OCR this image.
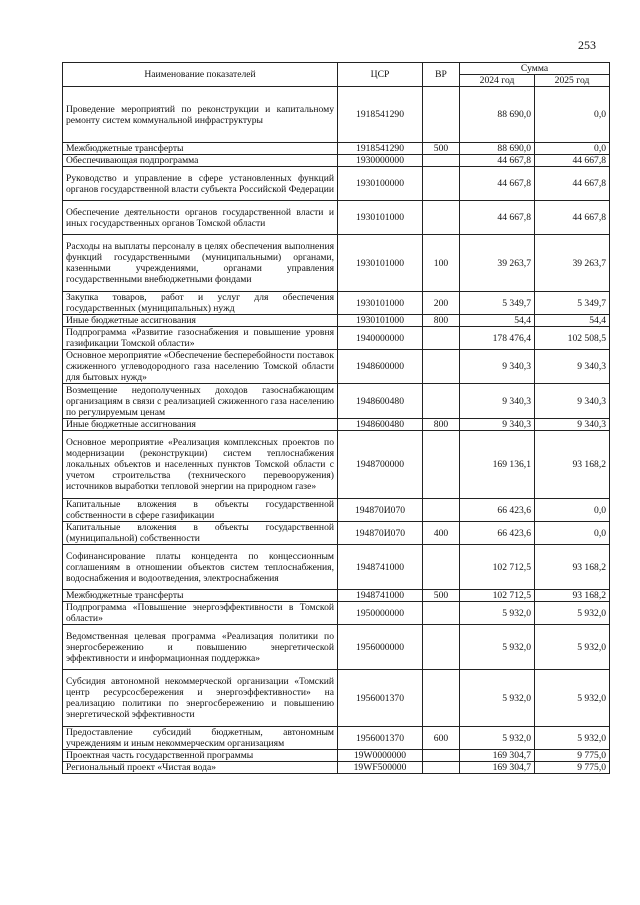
253
Наименование показателей	ЦСР	ВР	Сумма	
			2024 год	2025 год
Проведение мероприятий по реконструкции и капитальному ремонту систем коммунальной инфраструктуры	1918541290		88 690,0	0,0
Межбюджетные трансферты	1918541290	500	88 690,0	0,0
Обеспечивающая подпрограмма	1930000000		44 667,8	44 667,8
Руководство и управление в сфере установленных функций органов государственной власти субъекта Российской Федерации	1930100000		44 667,8	44 667,8
Обеспечение деятельности органов государственной власти и иных государственных органов Томской области	1930101000		44 667,8	44 667,8
Расходы на выплаты персоналу в целях обеспечения выполнения функций государственными (муниципальными) органами, казенными учреждениями, органами управления государственными внебюджетными фондами	1930101000	100	39 263,7	39 263,7
Закупка товаров, работ и услуг для обеспечения государственных (муниципальных) нужд	1930101000	200	5 349,7	5 349,7
Иные бюджетные ассигнования	1930101000	800	54,4	54,4
Подпрограмма «Развитие газоснабжения и повышение уровня газификации Томской области»	1940000000		178 476,4	102 508,5
Основное мероприятие «Обеспечение бесперебойности поставок сжиженного углеводородного газа населению Томской области для бытовых нужд»	1948600000		9 340,3	9 340,3
Возмещение недополученных доходов газоснабжающим организациям в связи с реализацией сжиженного газа населению по регулируемым ценам	1948600480		9 340,3	9 340,3
Иные бюджетные ассигнования	1948600480	800	9 340,3	9 340,3
Основное мероприятие «Реализация комплексных проектов по модернизации (реконструкции) систем теплоснабжения локальных объектов и населенных пунктов Томской области с учетом строительства (технического перевооружения) источников выработки тепловой энергии на природном газе»	1948700000		169 136,1	93 168,2
Капитальные вложения в объекты государственной собственности в сфере газификации	194870И070		66 423,6	0,0
Капитальные вложения в объекты государственной (муниципальной) собственности	194870И070	400	66 423,6	0,0
Софинансирование платы концедента по концессионным соглашениям в отношении объектов систем теплоснабжения, водоснабжения и водоотведения, электроснабжения	1948741000		102 712,5	93 168,2
Межбюджетные трансферты	1948741000	500	102 712,5	93 168,2
Подпрограмма «Повышение энергоэффективности в Томской области»	1950000000		5 932,0	5 932,0
Ведомственная целевая программа «Реализация политики по энергосбережению и повышению энергетической эффективности и информационная поддержка»	1956000000		5 932,0	5 932,0
Субсидия автономной некоммерческой организации «Томский центр ресурсосбережения и энергоэффективности» на реализацию политики по энергосбережению и повышению энергетической эффективности	1956001370		5 932,0	5 932,0
Предоставление субсидий бюджетным, автономным учреждениям и иным некоммерческим организациям	1956001370	600	5 932,0	5 932,0
Проектная часть государственной программы	19W0000000		169 304,7	9 775,0
Региональный проект «Чистая вода»	19WF500000		169 304,7	9 775,0
